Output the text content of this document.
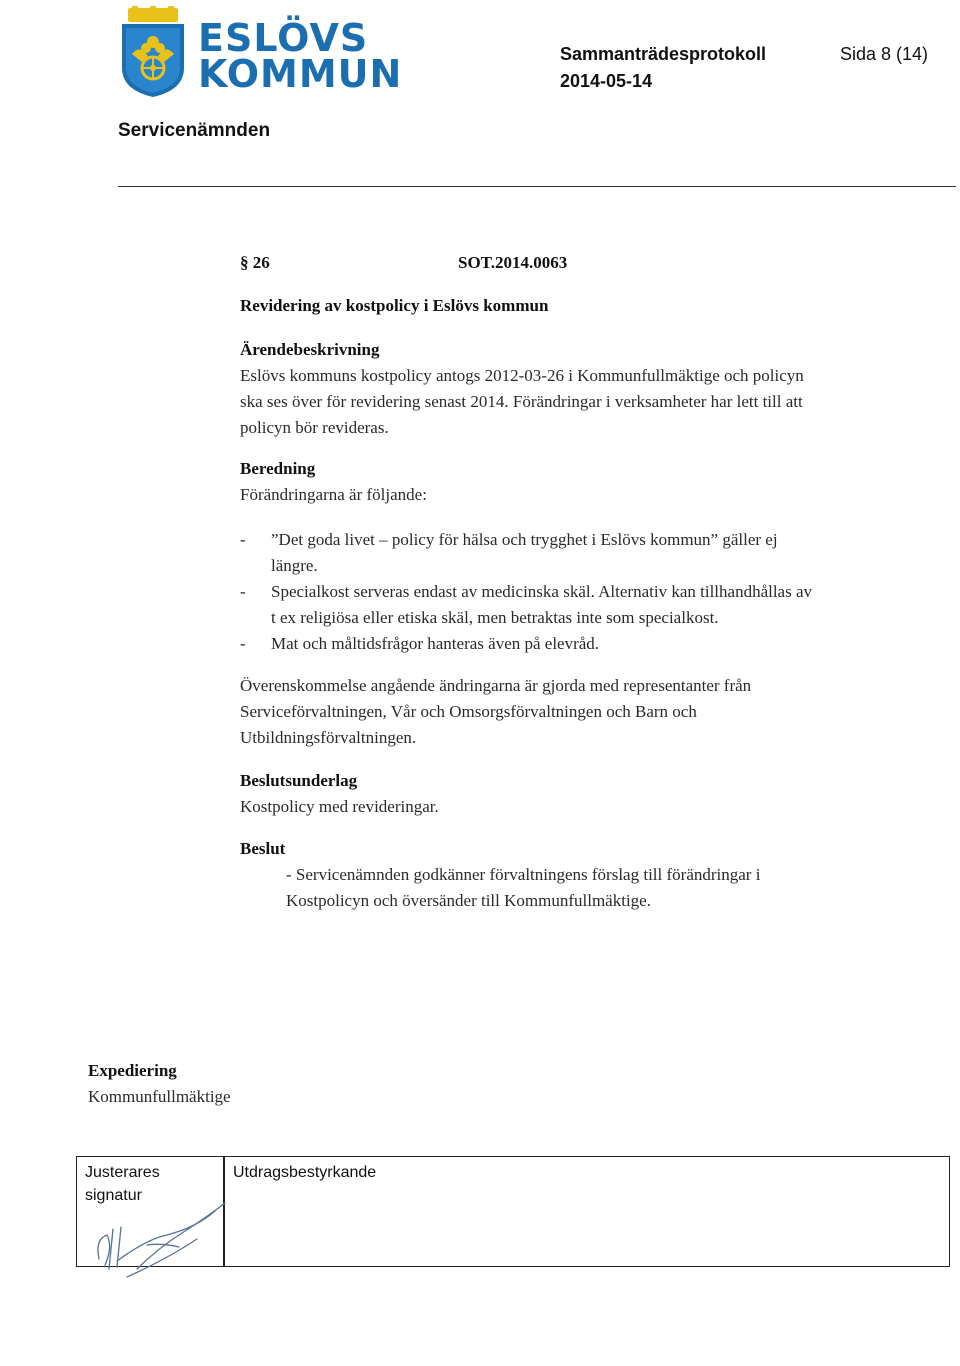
ESLÖVS
KOMMUN	Sammanträdesprotokoll	Sida 8 (14)
2014-05-14
Servicenämnden
§ 26	SOT.2014.0063
Revidering av kostpolicy i Eslövs kommun
Ärendebeskrivning
Eslövs kommuns kostpolicy antogs 2012-03-26 i Kommunfullmäktige och policyn
ska ses över för revidering senast 2014. Förändringar i verksamheter har lett till att
policyn bör revideras.
Beredning
Förändringarna är följande:
- ”Det goda livet – policy för hälsa och trygghet i Eslövs kommun” gäller ej
längre.
- Specialkost serveras endast av medicinska skäl. Alternativ kan tillhandhållas av
t ex religiösa eller etiska skäl, men betraktas inte som specialkost.
- Mat och måltidsfrågor hanteras även på elevråd.
Överenskommelse angående ändringarna är gjorda med representanter från
Serviceförvaltningen, Vår och Omsorgsförvaltningen och Barn och
Utbildningsförvaltningen.
Beslutsunderlag
Kostpolicy med revideringar.
Beslut
- Servicenämnden godkänner förvaltningens förslag till förändringar i
Kostpolicyn och översänder till Kommunfullmäktige.
Expediering
Kommunfullmäktige
Justerares
signatur
Utdragsbestyrkande
